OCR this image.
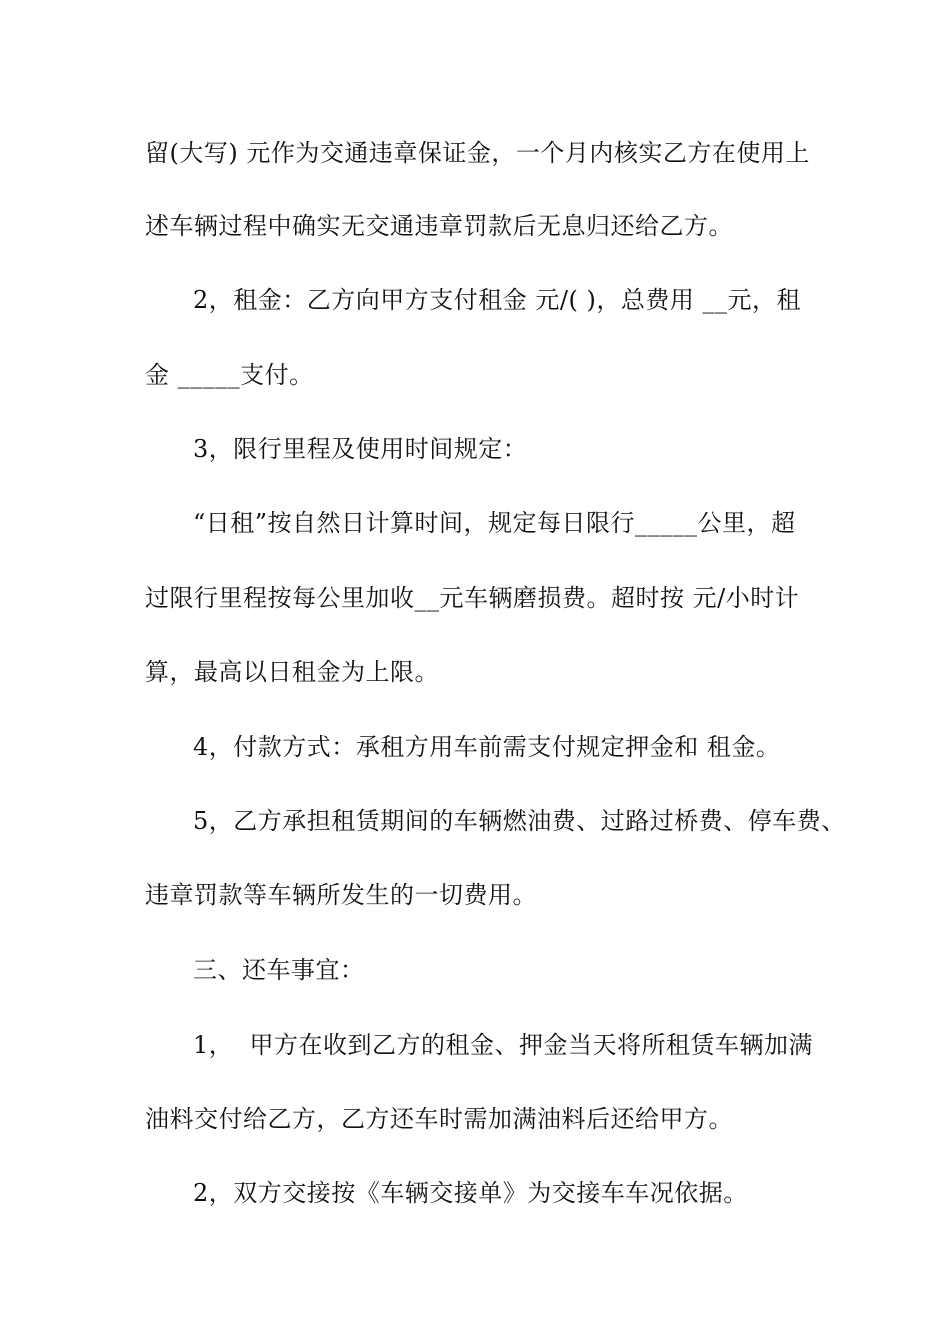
留(大写) 元作为交通违章保证金，一个月内核实乙方在使用上
述车辆过程中确实无交通违章罚款后无息归还给乙方。
2，租金：乙方向甲方支付租金 元/( )，总费用 __元，租
金 _____支付。
3，限行里程及使用时间规定：
“日租”按自然日计算时间，规定每日限行_____公里，超
过限行里程按每公里加收__元车辆磨损费。超时按 元/小时计
算，最高以日租金为上限。
4，付款方式：承租方用车前需支付规定押金和 租金。
5，乙方承担租赁期间的车辆燃油费、过路过桥费、停车费、
违章罚款等车辆所发生的一切费用。
三、还车事宜：
1，  甲方在收到乙方的租金、押金当天将所租赁车辆加满
油料交付给乙方，乙方还车时需加满油料后还给甲方。
2，双方交接按《车辆交接单》为交接车车况依据。
